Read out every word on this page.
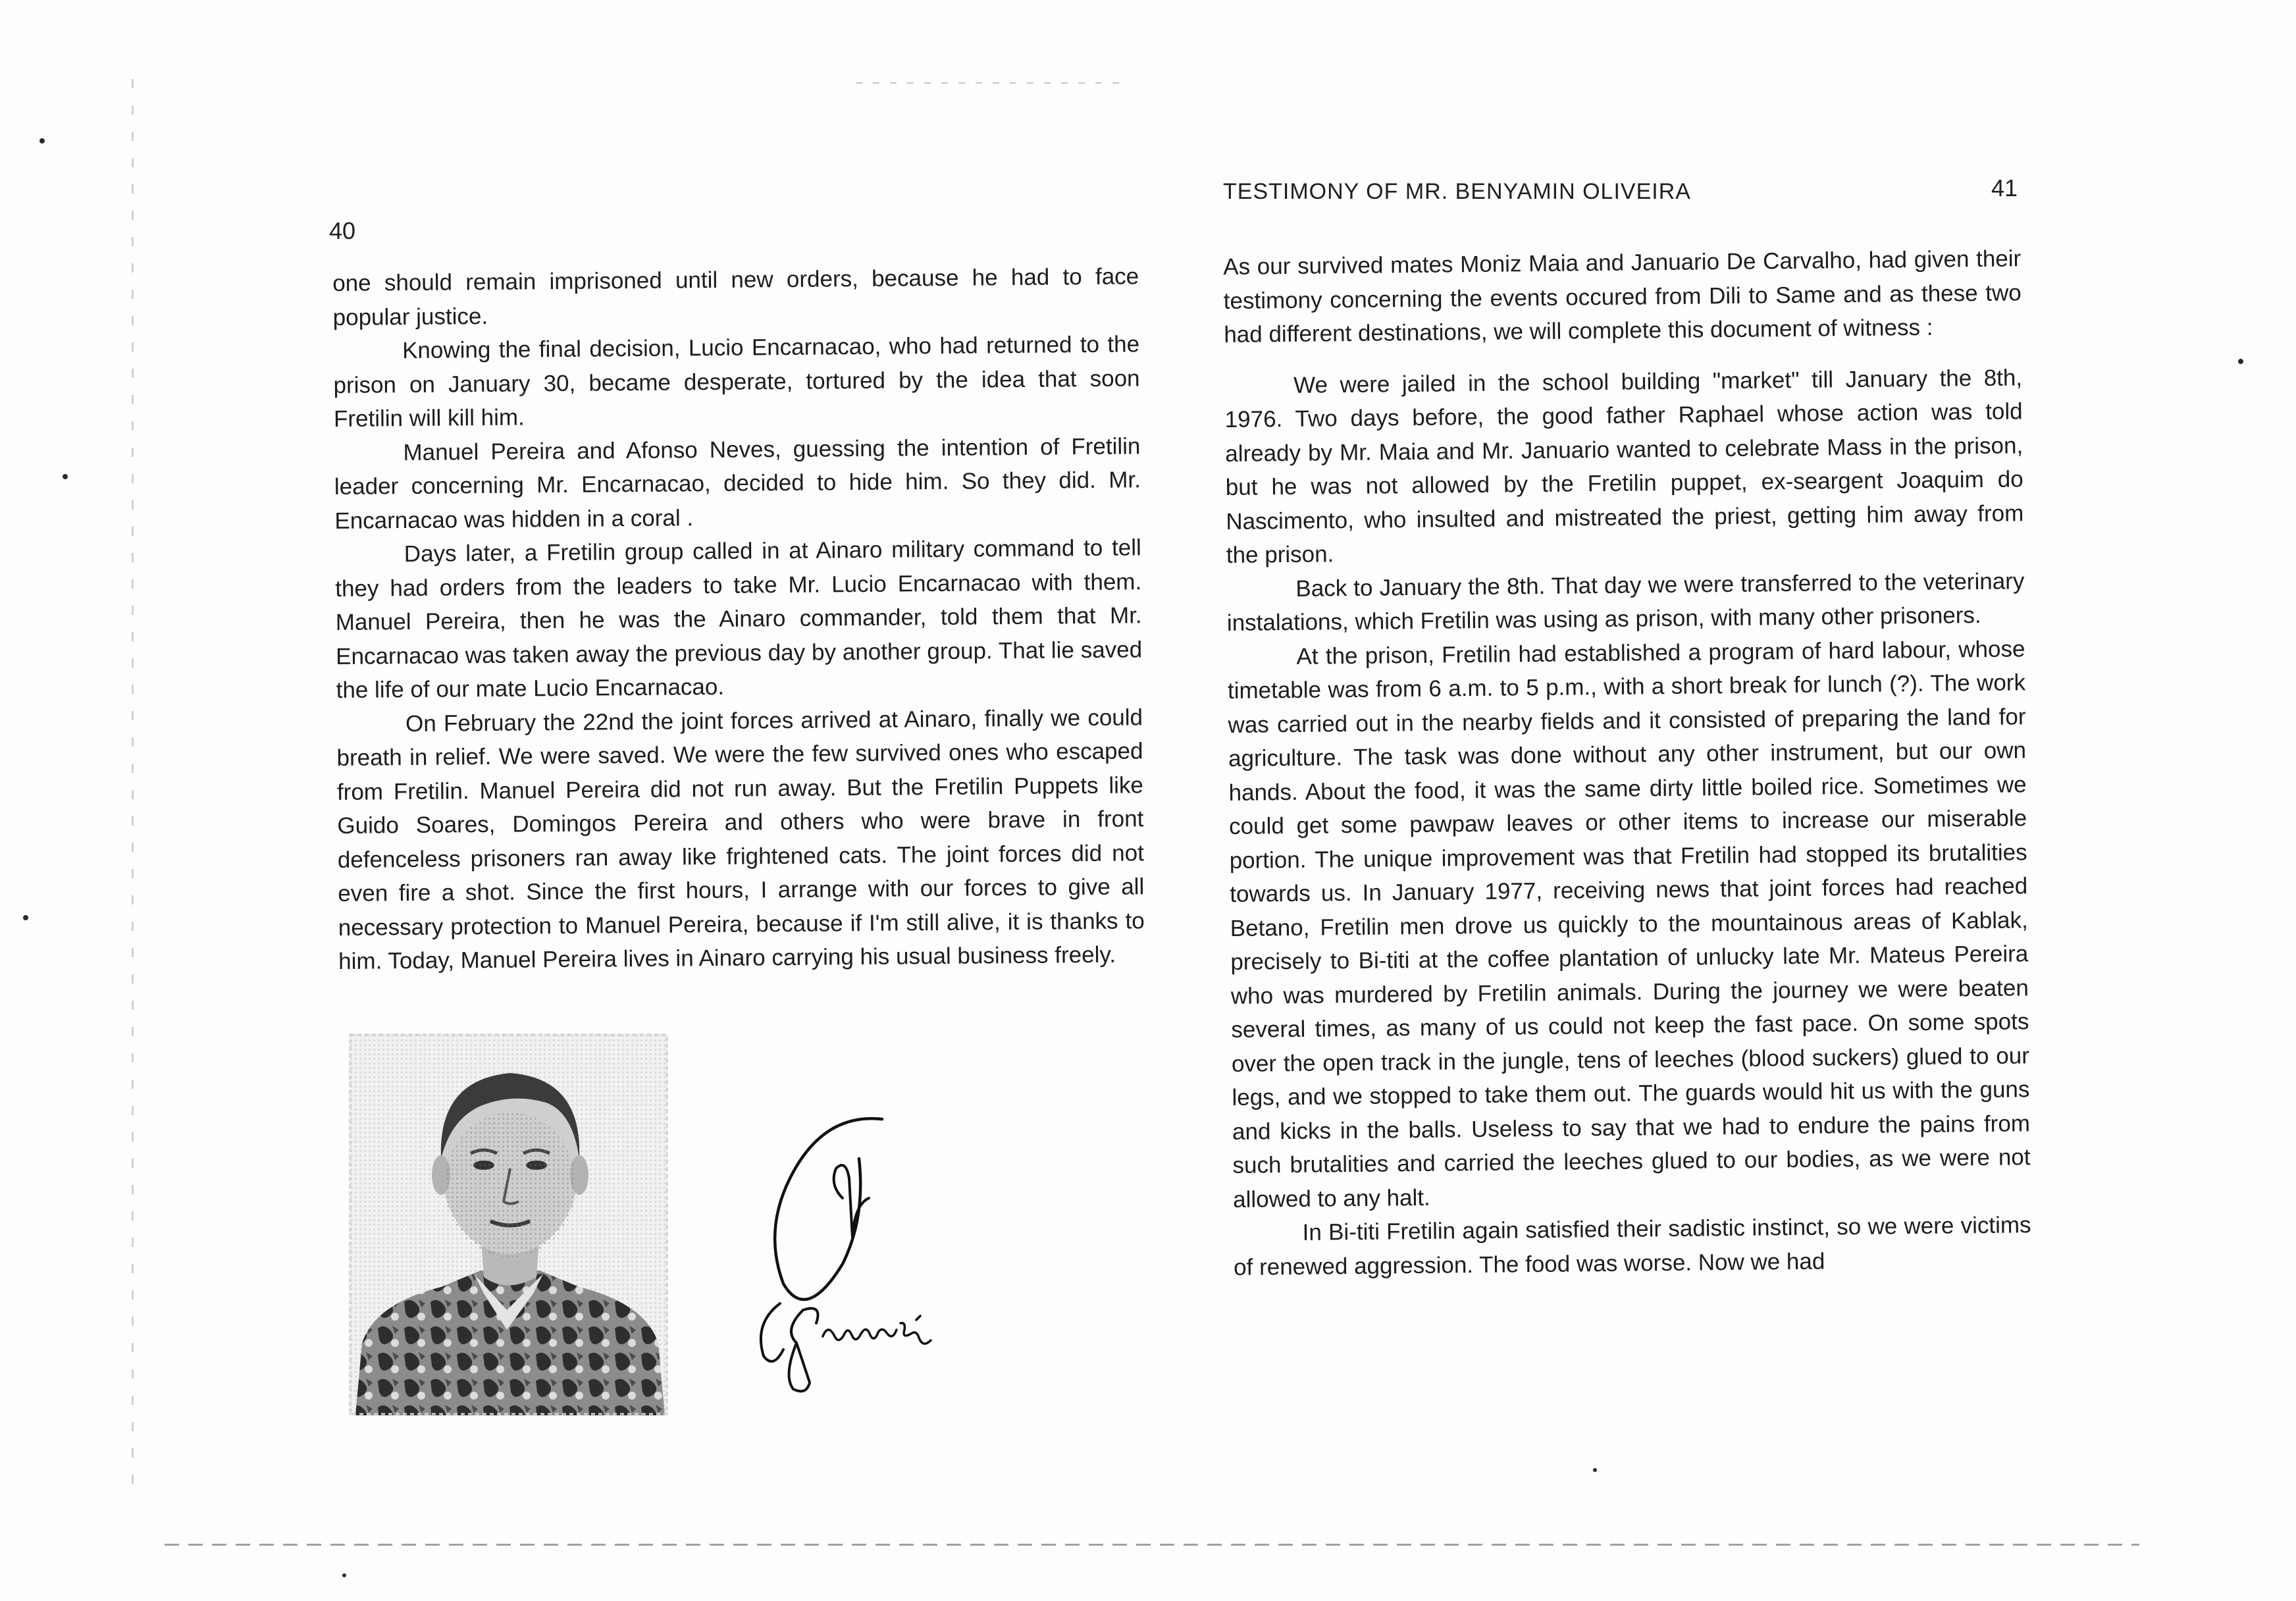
40

one should remain imprisoned until new orders, because he had to face popular justice.

Knowing the final decision, Lucio Encarnacao, who had returned to the prison on January 30, became desperate, tortured by the idea that soon Fretilin will kill him.

Manuel Pereira and Afonso Neves, guessing the intention of Fretilin leader concerning Mr. Encarnacao, decided to hide him. So they did. Mr. Encarnacao was hidden in a coral .

Days later, a Fretilin group called in at Ainaro military command to tell they had orders from the leaders to take Mr. Lucio Encarnacao with them. Manuel Pereira, then he was the Ainaro commander, told them that Mr. Encarnacao was taken away the previous day by another group. That lie saved the life of our mate Lucio Encarnacao.

On February the 22nd the joint forces arrived at Ainaro, finally we could breath in relief. We were saved. We were the few survived ones who escaped from Fretilin. Manuel Pereira did not run away. But the Fretilin Puppets like Guido Soares, Domingos Pereira and others who were brave in front defenceless prisoners ran away like frightened cats. The joint forces did not even fire a shot. Since the first hours, I arrange with our forces to give all necessary protection to Manuel Pereira, because if I'm still alive, it is thanks to him. Today, Manuel Pereira lives in Ainaro carrying his usual business freely.

TESTIMONY OF MR. BENYAMIN OLIVEIRA	41

As our survived mates Moniz Maia and Januario De Carvalho, had given their testimony concerning the events occured from Dili to Same and as these two had different destinations, we will complete this document of witness :

We were jailed in the school building "market" till January the 8th, 1976. Two days before, the good father Raphael whose action was told already by Mr. Maia and Mr. Januario wanted to celebrate Mass in the prison, but he was not allowed by the Fretilin puppet, ex-seargent Joaquim do Nascimento, who insulted and mistreated the priest, getting him away from the prison.

Back to January the 8th. That day we were transferred to the veterinary instalations, which Fretilin was using as prison, with many other prisoners.

At the prison, Fretilin had established a program of hard labour, whose timetable was from 6 a.m. to 5 p.m., with a short break for lunch (?). The work was carried out in the nearby fields and it consisted of preparing the land for agriculture. The task was done without any other instrument, but our own hands. About the food, it was the same dirty little boiled rice. Sometimes we could get some pawpaw leaves or other items to increase our miserable portion. The unique improvement was that Fretilin had stopped its brutalities towards us. In January 1977, receiving news that joint forces had reached Betano, Fretilin men drove us quickly to the mountainous areas of Kablak, precisely to Bi-titi at the coffee plantation of unlucky late Mr. Mateus Pereira who was murdered by Fretilin animals. During the journey we were beaten several times, as many of us could not keep the fast pace. On some spots over the open track in the jungle, tens of leeches (blood suckers) glued to our legs, and we stopped to take them out. The guards would hit us with the guns and kicks in the balls. Useless to say that we had to endure the pains from such brutalities and carried the leeches glued to our bodies, as we were not allowed to any halt.

In Bi-titi Fretilin again satisfied their sadistic instinct, so we were victims of renewed aggression. The food was worse. Now we had
